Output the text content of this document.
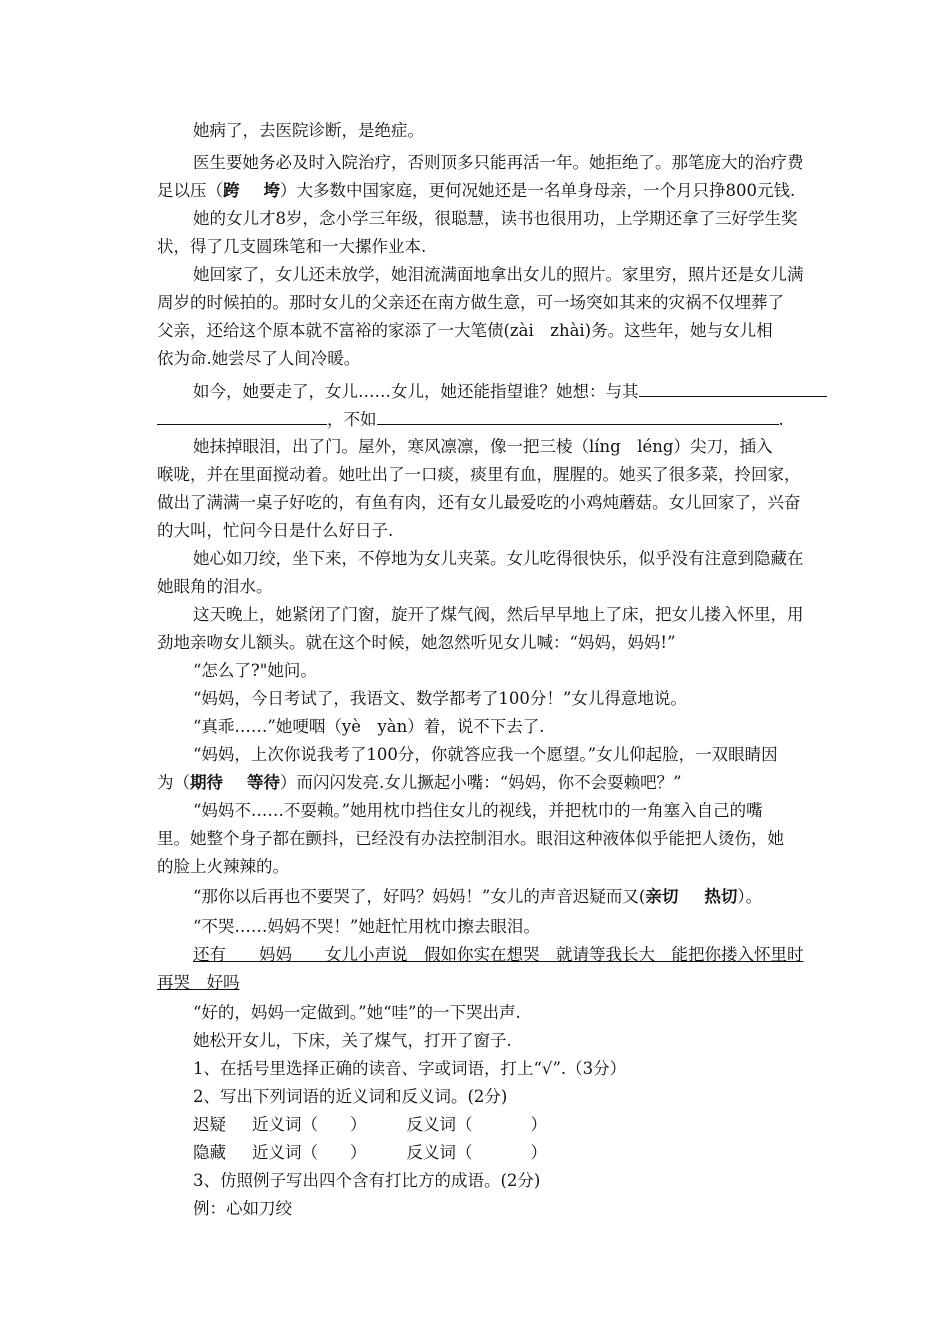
她病了，去医院诊断，是绝症。
医生要她务必及时入院治疗，否则顶多只能再活一年。她拒绝了。那笔庞大的治疗费
足以压（跨 垮）大多数中国家庭，更何况她还是一名单身母亲，一个月只挣800元钱.
她的女儿才8岁，念小学三年级，很聪慧，读书也很用功，上学期还拿了三好学生奖
状，得了几支圆珠笔和一大摞作业本.
她回家了，女儿还未放学，她泪流满面地拿出女儿的照片。家里穷，照片还是女儿满
周岁的时候拍的。那时女儿的父亲还在南方做生意，可一场突如其来的灾祸不仅埋葬了
父亲，还给这个原本就不富裕的家添了一大笔债(zài　zhài)务。这些年，她与女儿相
依为命.她尝尽了人间冷暖。
如今，她要走了，女儿……女儿，她还能指望谁？她想：与其
，不如	.
她抹掉眼泪，出了门。屋外，寒风凛凛，像一把三棱（líng　léng）尖刀，插入
喉咙，并在里面搅动着。她吐出了一口痰，痰里有血，腥腥的。她买了很多菜，拎回家，
做出了满满一桌子好吃的，有鱼有肉，还有女儿最爱吃的小鸡炖蘑菇。女儿回家了，兴奋
的大叫，忙问今日是什么好日子.
她心如刀绞，坐下来，不停地为女儿夹菜。女儿吃得很快乐，似乎没有注意到隐藏在
她眼角的泪水。
这天晚上，她紧闭了门窗，旋开了煤气阀，然后早早地上了床，把女儿搂入怀里，用
劲地亲吻女儿额头。就在这个时候，她忽然听见女儿喊：“妈妈，妈妈!”
“怎么了?"她问。
“妈妈，今日考试了，我语文、数学都考了100分！”女儿得意地说。
“真乖……”她哽咽（yè　yàn）着，说不下去了.
“妈妈，上次你说我考了100分，你就答应我一个愿望。”女儿仰起脸，一双眼睛因
为（期待 等待）而闪闪发亮.女儿撅起小嘴：“妈妈，你不会耍赖吧？”
“妈妈不……不耍赖。”她用枕巾挡住女儿的视线，并把枕巾的一角塞入自己的嘴
里。她整个身子都在颤抖，已经没有办法控制泪水。眼泪这种液体似乎能把人烫伤，她
的脸上火辣辣的。
“那你以后再也不要哭了，好吗？妈妈！”女儿的声音迟疑而又(亲切 热切）。
“不哭……妈妈不哭！”她赶忙用枕巾擦去眼泪。
还有　　妈妈　　女儿小声说　假如你实在想哭　就请等我长大　能把你搂入怀里时
再哭　好吗
“好的，妈妈一定做到。”她“哇”的一下哭出声.
她松开女儿，下床，关了煤气，打开了窗子.
1、在括号里选择正确的读音、字或词语，打上“√”.（3分）
2、写出下列词语的近义词和反义词。(2分)
迟疑 近义词（ ） 反义词（	）
隐藏 近义词（ ） 反义词（	）
3、仿照例子写出四个含有打比方的成语。(2分)
例：心如刀绞
